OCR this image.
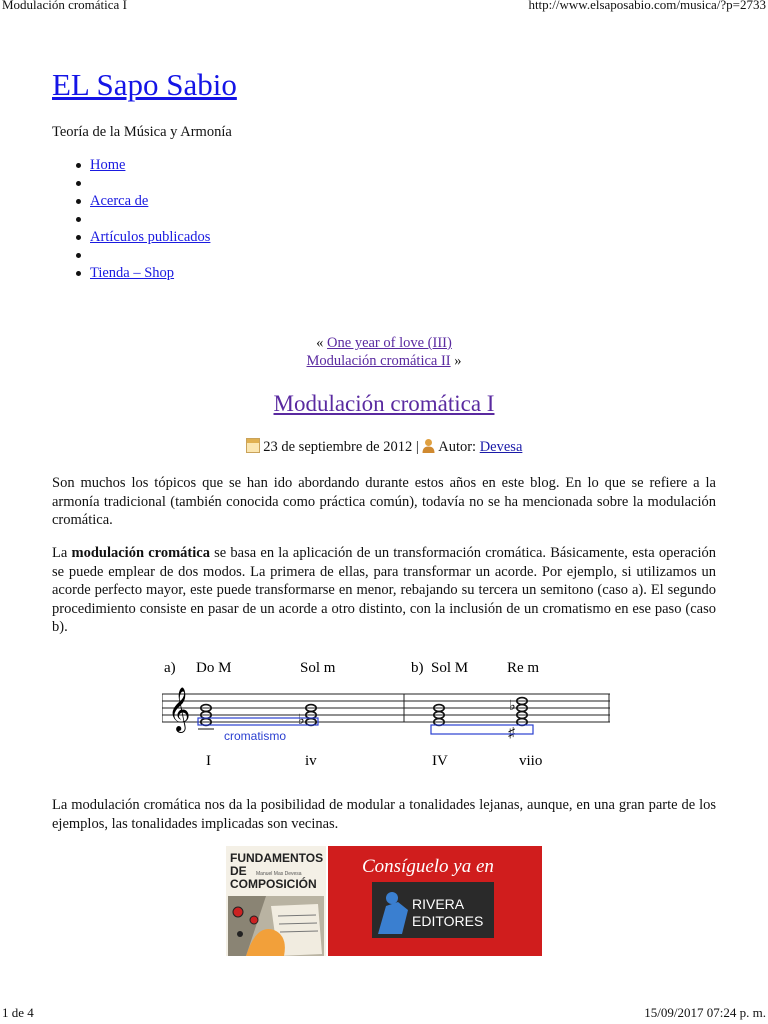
Modulación cromática I	http://www.elsaposabio.com/musica/?p=2733
EL Sapo Sabio
Teoría de la Música y Armonía
Home
Acerca de
Artículos publicados
Tienda – Shop
« One year of love (III)
Modulación cromática II »
Modulación cromática I
23 de septiembre de 2012 |  Autor: Devesa

Son muchos los tópicos que se han ido abordando durante estos años en este blog. En lo que se refiere a la armonía tradicional (también conocida como práctica común), todavía no se ha mencionada sobre la modulación cromática.

La modulación cromática se basa en la aplicación de un transformación cromática. Básicamente, esta operación se puede emplear de dos modos. La primera de ellas, para transformar un acorde. Por ejemplo, si utilizamos un acorde perfecto mayor, este puede transformarse en menor, rebajando su tercera un semitono (caso a). El segundo procedimiento consiste en pasar de un acorde a otro distinto, con la inclusión de un cromatismo en ese paso (caso b).

a) Do M	Sol m	b) Sol M	Re m
𝄞	♭
♭
♯
cromatismo
I	iv	IV	viio

La modulación cromática nos da la posibilidad de modular a tonalidades lejanas, aunque, en una gran parte de los ejemplos, las tonalidades implicadas son vecinas.

FUNDAMENTOS
DE Manuel Mas Devesa
COMPOSICIÓN
Consíguelo ya en
RIVERA
EDITORES
1 de 4	15/09/2017 07:24 p. m.
